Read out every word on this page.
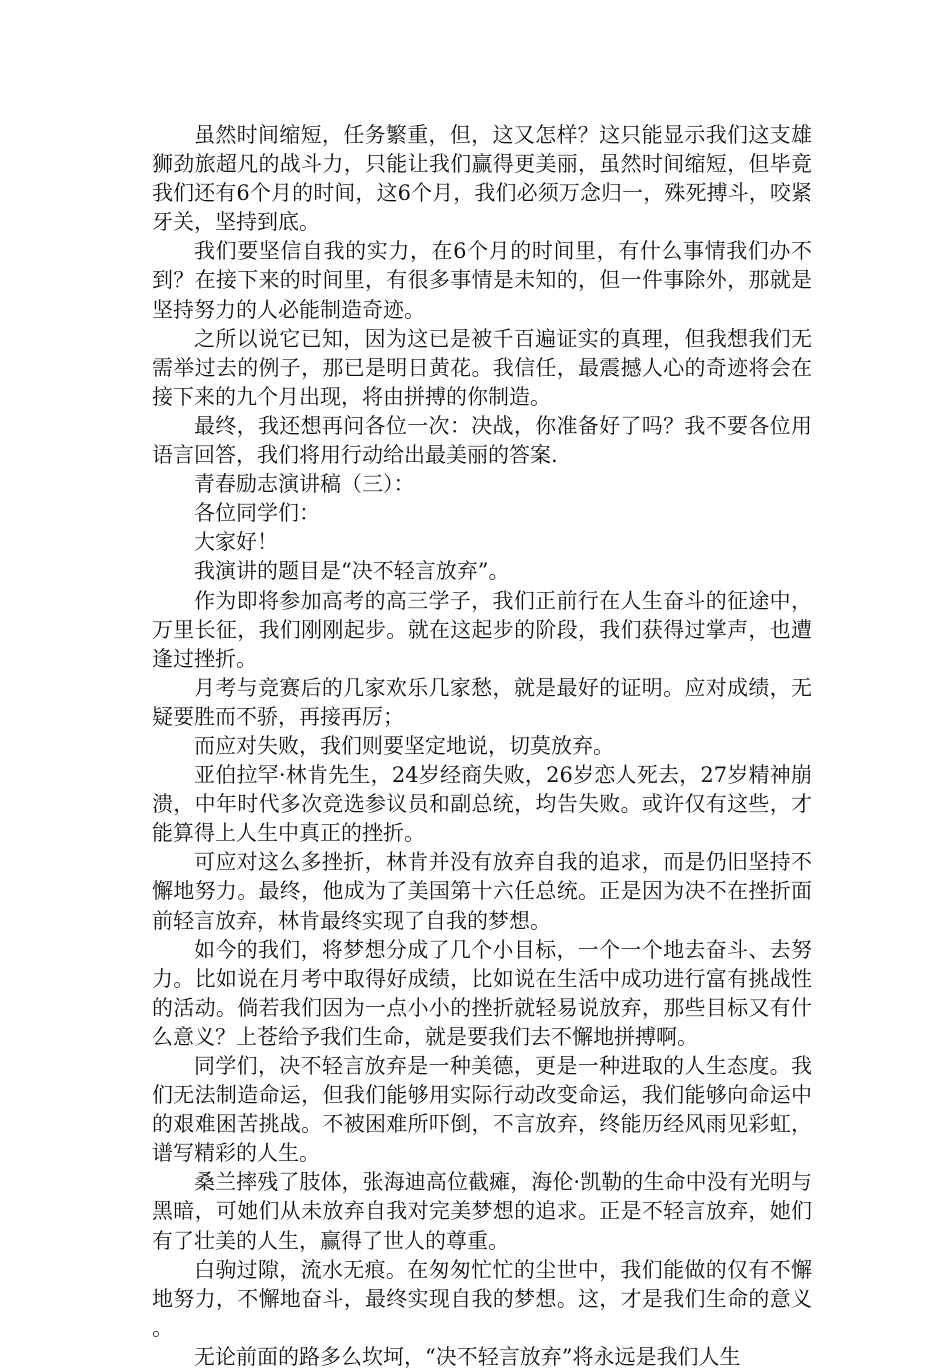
虽然时间缩短，任务繁重，但，这又怎样？这只能显示我们这支雄狮劲旅超凡的战斗力，只能让我们赢得更美丽，虽然时间缩短，但毕竟我们还有6个月的时间，这6个月，我们必须万念归一，殊死搏斗，咬紧牙关，坚持到底。

我们要坚信自我的实力，在6个月的时间里，有什么事情我们办不到？在接下来的时间里，有很多事情是未知的，但一件事除外，那就是坚持努力的人必能制造奇迹。

之所以说它已知，因为这已是被千百遍证实的真理，但我想我们无需举过去的例子，那已是明日黄花。我信任，最震撼人心的奇迹将会在接下来的九个月出现，将由拼搏的你制造。

最终，我还想再问各位一次：决战，你准备好了吗？我不要各位用语言回答，我们将用行动给出最美丽的答案.

青春励志演讲稿（三）：

各位同学们：

大家好！

我演讲的题目是“决不轻言放弃”。

作为即将参加高考的高三学子，我们正前行在人生奋斗的征途中，万里长征，我们刚刚起步。就在这起步的阶段，我们获得过掌声，也遭逢过挫折。

月考与竞赛后的几家欢乐几家愁，就是最好的证明。应对成绩，无疑要胜而不骄，再接再厉；

而应对失败，我们则要坚定地说，切莫放弃。

亚伯拉罕·林肯先生，24岁经商失败，26岁恋人死去，27岁精神崩溃，中年时代多次竞选参议员和副总统，均告失败。或许仅有这些，才能算得上人生中真正的挫折。

可应对这么多挫折，林肯并没有放弃自我的追求，而是仍旧坚持不懈地努力。最终，他成为了美国第十六任总统。正是因为决不在挫折面前轻言放弃，林肯最终实现了自我的梦想。

如今的我们，将梦想分成了几个小目标，一个一个地去奋斗、去努力。比如说在月考中取得好成绩，比如说在生活中成功进行富有挑战性的活动。倘若我们因为一点小小的挫折就轻易说放弃，那些目标又有什么意义？上苍给予我们生命，就是要我们去不懈地拼搏啊。

同学们，决不轻言放弃是一种美德，更是一种进取的人生态度。我们无法制造命运，但我们能够用实际行动改变命运，我们能够向命运中的艰难困苦挑战。不被困难所吓倒，不言放弃，终能历经风雨见彩虹，谱写精彩的人生。

桑兰摔残了肢体，张海迪高位截瘫，海伦·凯勒的生命中没有光明与黑暗，可她们从未放弃自我对完美梦想的追求。正是不轻言放弃，她们有了壮美的人生，赢得了世人的尊重。

白驹过隙，流水无痕。在匆匆忙忙的尘世中，我们能做的仅有不懈地努力，不懈地奋斗，最终实现自我的梦想。这，才是我们生命的意义。

无论前面的路多么坎坷，“决不轻言放弃”将永远是我们人生
